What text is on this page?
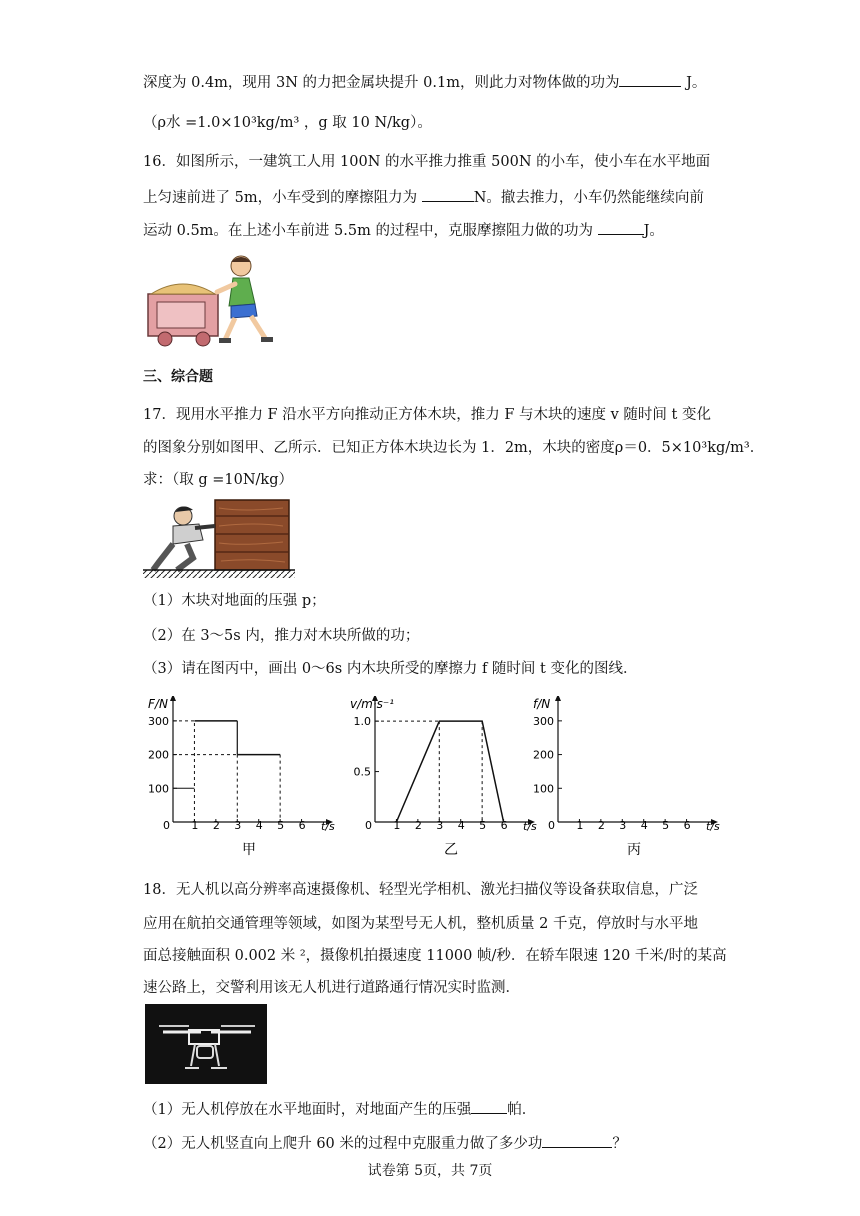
深度为 0.4m，现用 3N 的力把金属块提升 0.1m，则此力对物体做的功为	J。
（ρ水 =1.0×10³kg/m³ ，g 取 10 N/kg）。
16．如图所示，一建筑工人用 100N 的水平推力推重 500N 的小车，使小车在水平地面
上匀速前进了 5m，小车受到的摩擦阻力为	N。撤去推力，小车仍然能继续向前
运动 0.5m。在上述小车前进 5.5m 的过程中，克服摩擦阻力做的功为	J。
三、综合题
17．现用水平推力 F 沿水平方向推动正方体木块，推力 F 与木块的速度 v 随时间 t 变化
的图象分别如图甲、乙所示．已知正方体木块边长为 1．2m，木块的密度ρ＝0．5×10³kg/m³．
求：（取 g =10N/kg）
（1）木块对地面的压强 p；
（2）在 3～5s 内，推力对木块所做的功；
（3）请在图丙中，画出 0～6s 内木块所受的摩擦力 f 随时间 t 变化的图线．
F/N
t/s
0 1 2 3 4 5 6
100
200
300
甲
v/m·s⁻¹
t/s
0 1 2 3 4 5 6
0.5
1.0
乙
f/N
t/s
0 1 2 3 4 5 6
100
200
300
丙
18．无人机以高分辨率高速摄像机、轻型光学相机、激光扫描仪等设备获取信息，广泛
应用在航拍交通管理等领域，如图为某型号无人机，整机质量 2 千克，停放时与水平地
面总接触面积 0.002 米 ²，摄像机拍摄速度 11000 帧/秒．在轿车限速 120 千米/时的某高
速公路上，交警利用该无人机进行道路通行情况实时监测．
（1）无人机停放在水平地面时，对地面产生的压强 帕．
（2）无人机竖直向上爬升 60 米的过程中克服重力做了多少功	？
试卷第 5页，共 7页
